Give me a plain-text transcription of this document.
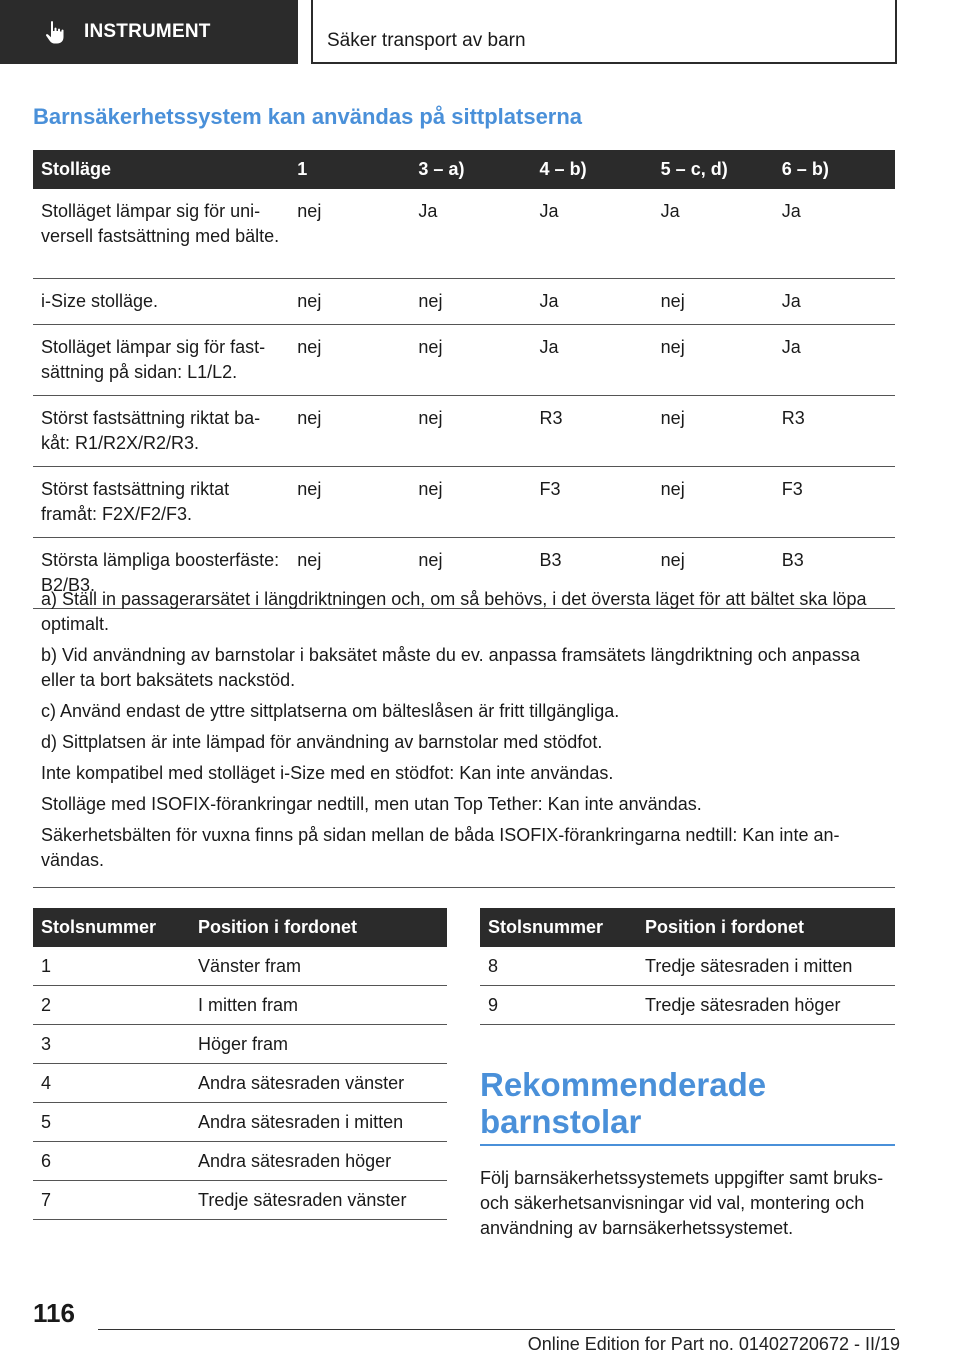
INSTRUMENT	Säker transport av barn
Barnsäkerhetssystem kan användas på sittplatserna
Stolläge	1	3 – a)	4 – b)	5 – c, d)	6 – b)
Stolläget lämpar sig för universell fastsättning med bälte.	nej	Ja	Ja	Ja	Ja
i-Size stolläge.	nej	nej	Ja	nej	Ja
Stolläget lämpar sig för fastsättning på sidan: L1/L2.	nej	nej	Ja	nej	Ja
Störst fastsättning riktat bakåt: R1/R2X/R2/R3.	nej	nej	R3	nej	R3
Störst fastsättning riktat framåt: F2X/F2/F3.	nej	nej	F3	nej	F3
Största lämpliga boosterfäste: B2/B3.	nej	nej	B3	nej	B3

a) Ställ in passagerarsätet i längdriktningen och, om så behövs, i det översta läget för att bältet ska löpa optimalt.

b) Vid användning av barnstolar i baksätet måste du ev. anpassa framsätets längdriktning och anpassa eller ta bort baksätets nackstöd.

c) Använd endast de yttre sittplatserna om bälteslåsen är fritt tillgängliga.

d) Sittplatsen är inte lämpad för användning av barnstolar med stödfot.

Inte kompatibel med stolläget i-Size med en stödfot: Kan inte användas.

Stolläge med ISOFIX-förankringar nedtill, men utan Top Tether: Kan inte användas.

Säkerhetsbälten för vuxna finns på sidan mellan de båda ISOFIX-förankringarna nedtill: Kan inte användas.

Stolsnummer	Position i fordonet
1	Vänster fram
2	I mitten fram
3	Höger fram
4	Andra sätesraden vänster
5	Andra sätesraden i mitten
6	Andra sätesraden höger
7	Tredje sätesraden vänster
Stolsnummer	Position i fordonet
8	Tredje sätesraden i mitten
9	Tredje sätesraden höger
Rekommenderade barnstolar
Följ barnsäkerhetssystemets uppgifter samt bruks- och säkerhetsanvisningar vid val, montering och användning av barnsäkerhetssystemet.
116
Online Edition for Part no. 01402720672 - II/19
